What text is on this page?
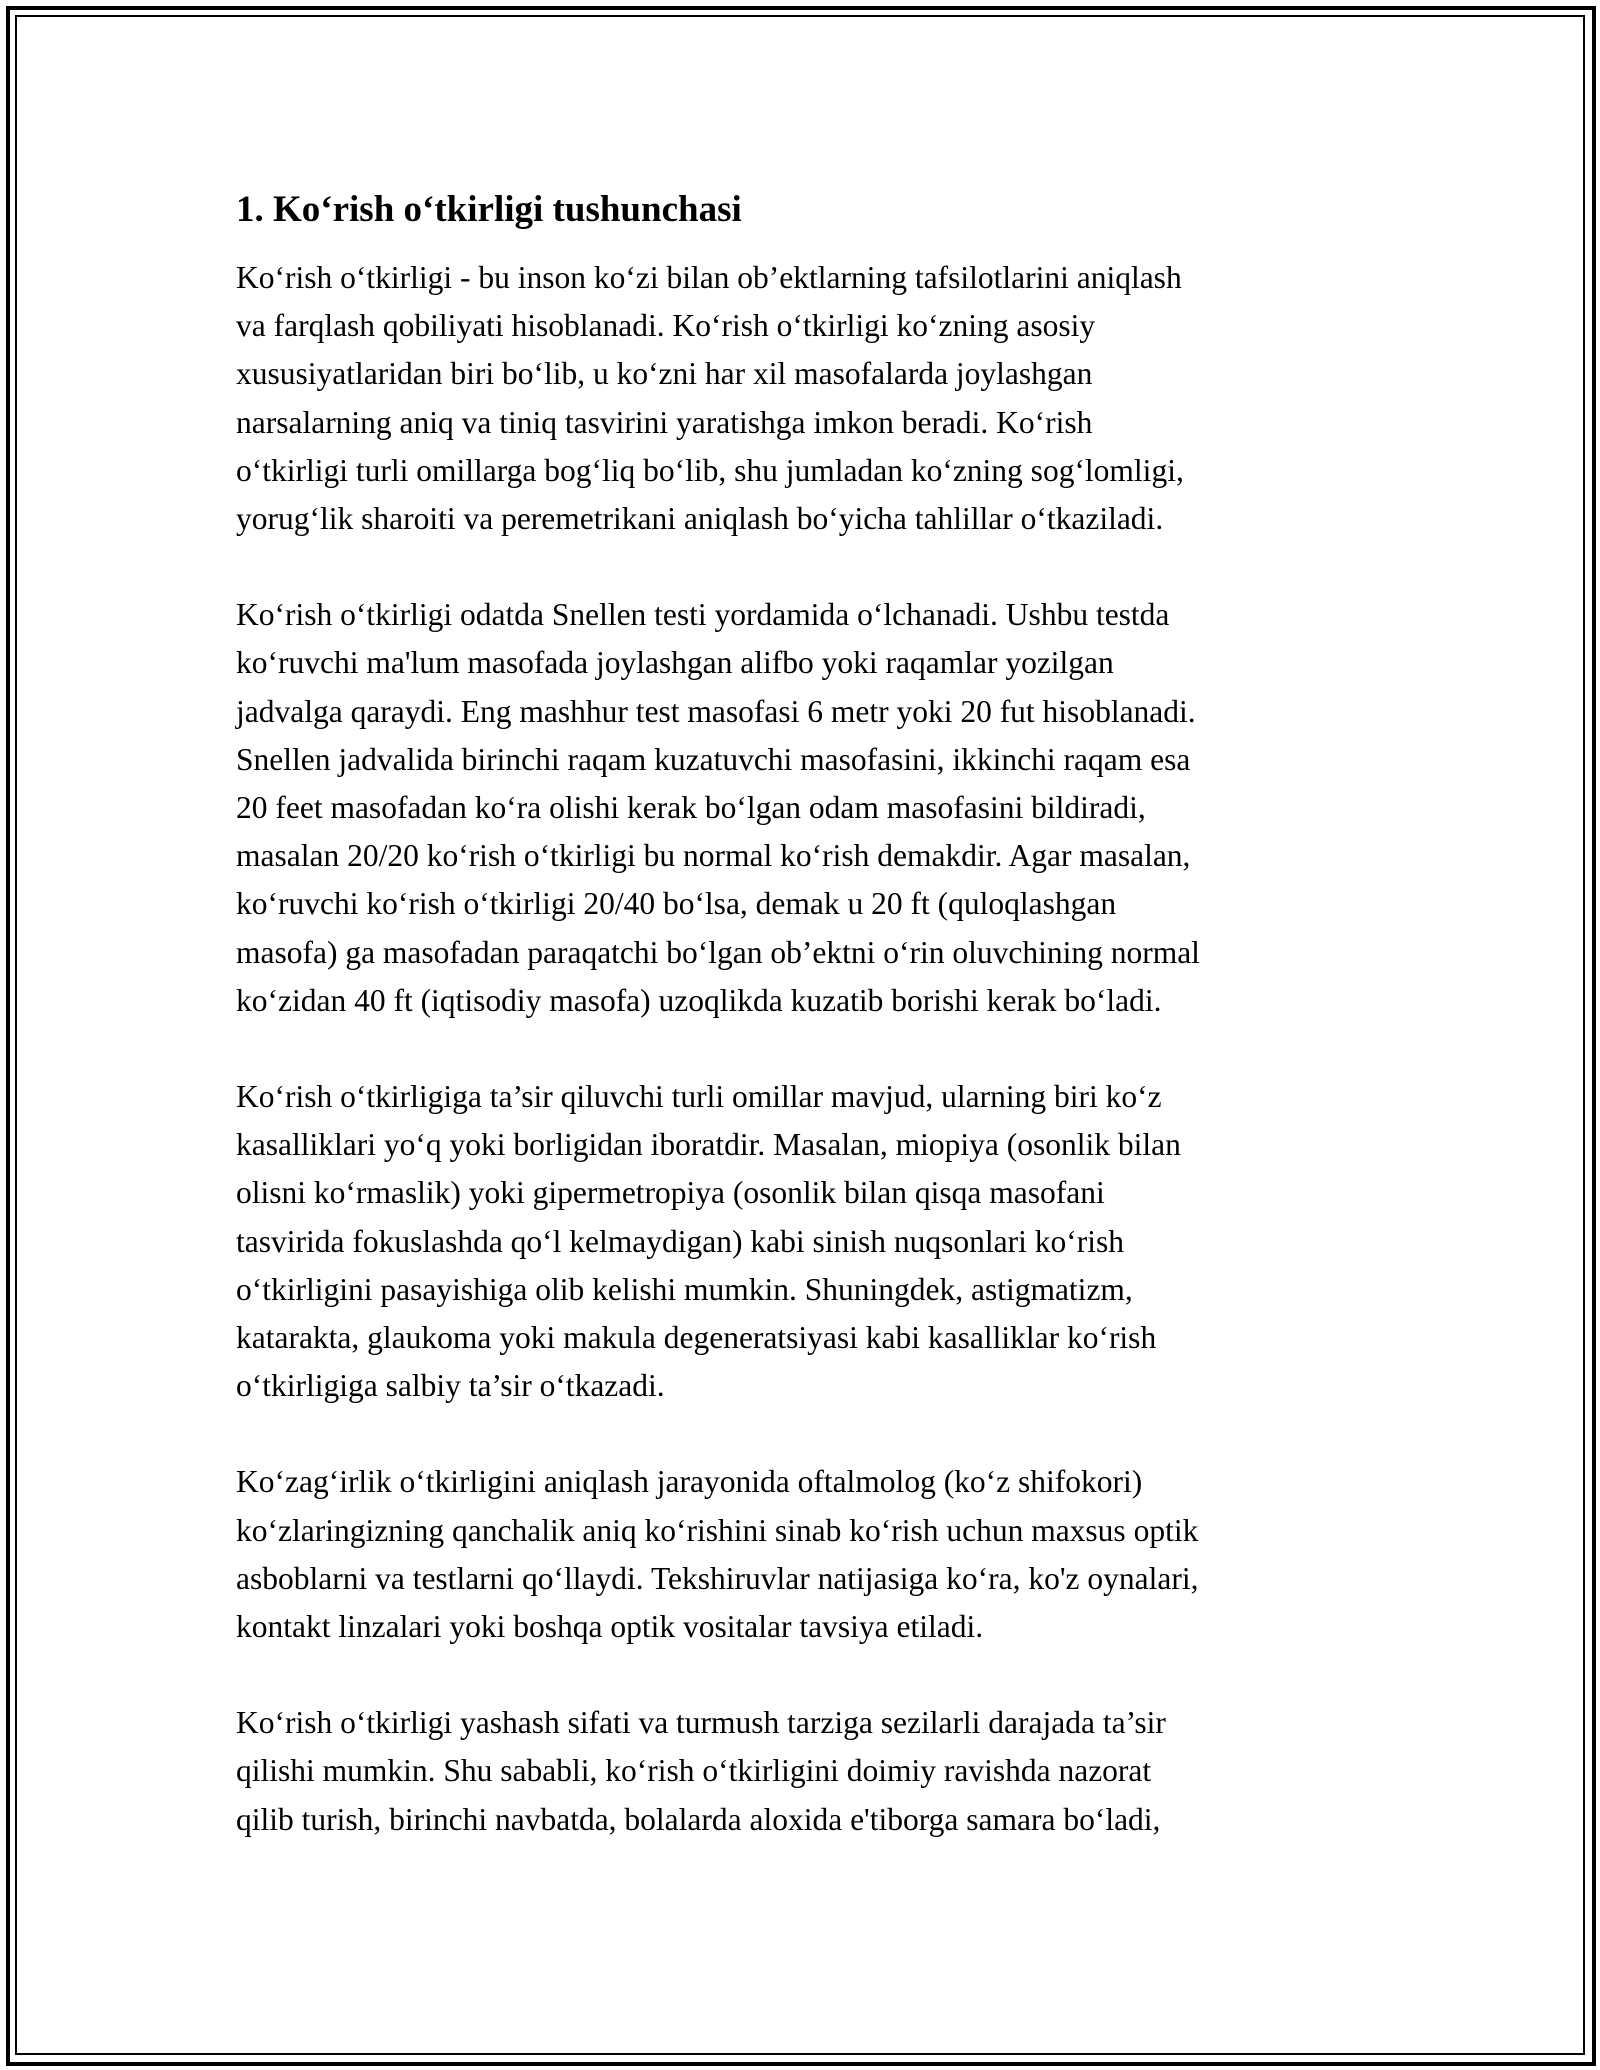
1. Ko‘rish o‘tkirligi tushunchasi
Ko‘rish o‘tkirligi - bu inson ko‘zi bilan ob’ektlarning tafsilotlarini aniqlash
va farqlash qobiliyati hisoblanadi. Ko‘rish o‘tkirligi ko‘zning asosiy
xususiyatlaridan biri bo‘lib, u ko‘zni har xil masofalarda joylashgan
narsalarning aniq va tiniq tasvirini yaratishga imkon beradi. Ko‘rish
o‘tkirligi turli omillarga bog‘liq bo‘lib, shu jumladan ko‘zning sog‘lomligi,
yorug‘lik sharoiti va peremetrikani aniqlash bo‘yicha tahlillar o‘tkaziladi.
Ko‘rish o‘tkirligi odatda Snellen testi yordamida o‘lchanadi. Ushbu testda
ko‘ruvchi ma'lum masofada joylashgan alifbo yoki raqamlar yozilgan
jadvalga qaraydi. Eng mashhur test masofasi 6 metr yoki 20 fut hisoblanadi.
Snellen jadvalida birinchi raqam kuzatuvchi masofasini, ikkinchi raqam esa
20 feet masofadan ko‘ra olishi kerak bo‘lgan odam masofasini bildiradi,
masalan 20/20 ko‘rish o‘tkirligi bu normal ko‘rish demakdir. Agar masalan,
ko‘ruvchi ko‘rish o‘tkirligi 20/40 bo‘lsa, demak u 20 ft (quloqlashgan
masofa) ga masofadan paraqatchi bo‘lgan ob’ektni o‘rin oluvchining normal
ko‘zidan 40 ft (iqtisodiy masofa) uzoqlikda kuzatib borishi kerak bo‘ladi.
Ko‘rish o‘tkirligiga ta’sir qiluvchi turli omillar mavjud, ularning biri ko‘z
kasalliklari yo‘q yoki borligidan iboratdir. Masalan, miopiya (osonlik bilan
olisni ko‘rmaslik) yoki gipermetropiya (osonlik bilan qisqa masofani
tasvirida fokuslashda qo‘l kelmaydigan) kabi sinish nuqsonlari ko‘rish
o‘tkirligini pasayishiga olib kelishi mumkin. Shuningdek, astigmatizm,
katarakta, glaukoma yoki makula degeneratsiyasi kabi kasalliklar ko‘rish
o‘tkirligiga salbiy ta’sir o‘tkazadi.
Ko‘zag‘irlik o‘tkirligini aniqlash jarayonida oftalmolog (ko‘z shifokori)
ko‘zlaringizning qanchalik aniq ko‘rishini sinab ko‘rish uchun maxsus optik
asboblarni va testlarni qo‘llaydi. Tekshiruvlar natijasiga ko‘ra, ko'z oynalari,
kontakt linzalari yoki boshqa optik vositalar tavsiya etiladi.
Ko‘rish o‘tkirligi yashash sifati va turmush tarziga sezilarli darajada ta’sir
qilishi mumkin. Shu sababli, ko‘rish o‘tkirligini doimiy ravishda nazorat
qilib turish, birinchi navbatda, bolalarda aloxida e'tiborga samara bo‘ladi,
